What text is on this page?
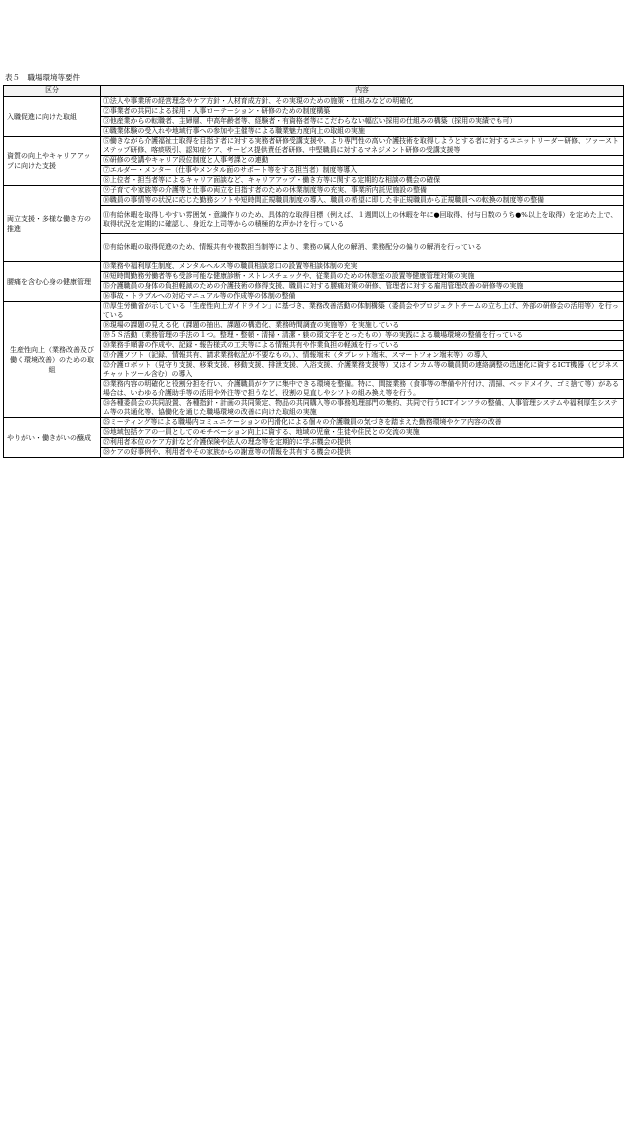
表５　職場環境等要件
区分	内容
入職促進に向けた取組	①法人や事業所の経営理念やケア方針・人材育成方針、その実現のための施策・仕組みなどの明確化
	②事業者の共同による採用・人事ローテーション・研修のための制度構築
	③他産業からの転職者、主婦層、中高年齢者等、経験者・有資格者等にこだわらない幅広い採用の仕組みの構築（採用の実績でも可）
	④職業体験の受入れや地域行事への参加や主催等による職業魅力度向上の取組の実施
資質の向上やキャリアアップに向けた支援	⑤働きながら介護福祉士取得を目指す者に対する実務者研修受講支援や、より専門性の高い介護技術を取得しようとする者に対するユニットリーダー研修、ファーストステップ研修、喀痰吸引、認知症ケア、サービス提供責任者研修、中堅職員に対するマネジメント研修の受講支援等
	⑥研修の受講やキャリア段位制度と人事考課との連動
	⑦エルダー・メンター（仕事やメンタル面のサポート等をする担当者）制度等導入
	⑧上位者・担当者等によるキャリア面談など、キャリアアップ・働き方等に関する定期的な相談の機会の確保
両立支援・多様な働き方の推進	⑨子育てや家族等の介護等と仕事の両立を目指す者のための休業制度等の充実、事業所内託児施設の整備
	⑩職員の事情等の状況に応じた勤務シフトや短時間正規職員制度の導入、職員の希望に即した非正規職員から正規職員への転換の制度等の整備
	⑪有給休暇を取得しやすい雰囲気・意識作りのため、具体的な取得目標（例えば、１週間以上の休暇を年に●回取得、付与日数のうち●%以上を取得）を定めた上で、取得状況を定期的に確認し、身近な上司等からの積極的な声かけを行っている
	⑫有給休暇の取得促進のため、情報共有や複数担当制等により、業務の属人化の解消、業務配分の偏りの解消を行っている
腰痛を含む心身の健康管理	⑬業務や福利厚生制度、メンタルヘルス等の職員相談窓口の設置等相談体制の充実
	⑭短時間勤務労働者等も受診可能な健康診断・ストレスチェックや、従業員のための休憩室の設置等健康管理対策の実施
	⑮介護職員の身体の負担軽減のための介護技術の修得支援、職員に対する腰痛対策の研修、管理者に対する雇用管理改善の研修等の実施
	⑯事故・トラブルへの対応マニュアル等の作成等の体制の整備
生産性向上（業務改善及び働く環境改善）のための取組	⑰厚生労働省が示している「生産性向上ガイドライン」に基づき、業務改善活動の体制構築（委員会やプロジェクトチームの立ち上げ、外部の研修会の活用等）を行っている
	⑱現場の課題の見える化（課題の抽出、課題の構造化、業務時間調査の実施等）を実施している
	⑲５Ｓ活動（業務管理の手法の１つ。整理・整頓・清掃・清潔・躾の頭文字をとったもの）等の実践による職場環境の整備を行っている
	⑳業務手順書の作成や、記録・報告様式の工夫等による情報共有や作業負担の軽減を行っている
	㉑介護ソフト（記録、情報共有、請求業務転記が不要なもの。）、情報端末（タブレット端末、スマートフォン端末等）の導入
	㉒介護ロボット（見守り支援、移乗支援、移動支援、排泄支援、入浴支援、介護業務支援等）又はインカム等の職員間の連絡調整の迅速化に資するICT機器（ビジネスチャットツール含む）の導入
	㉓業務内容の明確化と役割分担を行い、介護職員がケアに集中できる環境を整備。特に、間接業務（食事等の準備や片付け、清掃、ベッドメイク、ゴミ捨て等）がある場合は、いわゆる介護助手等の活用や外注等で担うなど、役割の見直しやシフトの組み換え等を行う。
	㉔各種委員会の共同設置、各種指針・計画の共同策定、物品の共同購入等の事務処理部門の集約、共同で行うICTインフラの整備、人事管理システムや福利厚生システム等の共通化等、協働化を通じた職場環境の改善に向けた取組の実施
やりがい・働きがいの醸成	㉕ミーティング等による職場内コミュニケーションの円滑化による個々の介護職員の気づきを踏まえた勤務環境やケア内容の改善
	㉖地域包括ケアの一員としてのモチベーション向上に資する、地域の児童・生徒や住民との交流の実施
	㉗利用者本位のケア方針など介護保険や法人の理念等を定期的に学ぶ機会の提供
	㉘ケアの好事例や、利用者やその家族からの謝意等の情報を共有する機会の提供
